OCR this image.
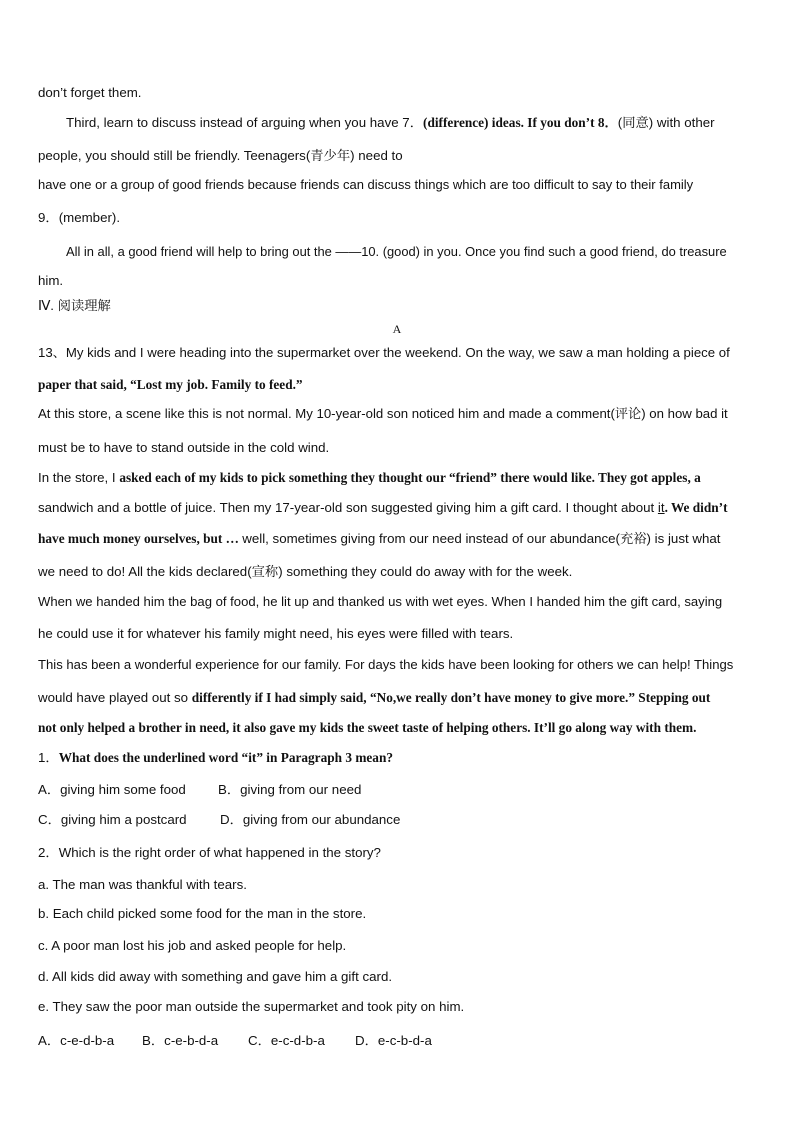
don’t forget them.
Third, learn to discuss instead of arguing when you have 7．(difference) ideas. If you don’t 8．(同意) with other
people, you should still be friendly. Teenagers(青少年) need to
have one or a group of good friends because friends can discuss things which are too difficult to say to their family
9．(member).
All in all, a good friend will help to bring out the ——10. (good) in you. Once you find such a good friend, do treasure
him.
Ⅳ. 阅读理解
A
13、My kids and I were heading into the supermarket over the weekend. On the way, we saw a man holding a piece of
paper that said, “Lost my job. Family to feed.”
At this store, a scene like this is not normal. My 10-year-old son noticed him and made a comment(评论) on how bad it
must be to have to stand outside in the cold wind.
In the store, I asked each of my kids to pick something they thought our “friend” there would like. They got apples, a
sandwich and a bottle of juice. Then my 17-year-old son suggested giving him a gift card. I thought about it. We didn’t
have much money ourselves, but … well, sometimes giving from our need instead of our abundance(充裕) is just what
we need to do! All the kids declared(宣称) something they could do away with for the week.
When we handed him the bag of food, he lit up and thanked us with wet eyes. When I handed him the gift card, saying
he could use it for whatever his family might need, his eyes were filled with tears.
This has been a wonderful experience for our family. For days the kids have been looking for others we can help! Things
would have played out so differently if I had simply said, “No,we really don’t have money to give more.” Stepping out
not only helped a brother in need, it also gave my kids the sweet taste of helping others. It’ll go along way with them.
1．What does the underlined word “it” in Paragraph 3 mean?
A．giving him some food B．giving from our need
C．giving him a postcard	D．giving from our abundance
2．Which is the right order of what happened in the story?
a. The man was thankful with tears.
b. Each child picked some food for the man in the store.
c. A poor man lost his job and asked people for help.
d. All kids did away with something and gave him a gift card.
e. They saw the poor man outside the supermarket and took pity on him.
A．c-e-d-b-a B．c-e-b-d-a C．e-c-d-b-a D．e-c-b-d-a
